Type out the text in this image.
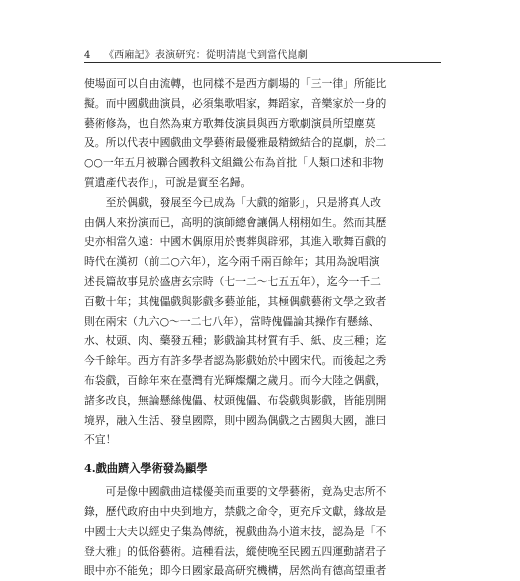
4 《西廂記》表演研究：從明清崑弋到當代崑劇
使場面可以自由流轉，也同樣不是西方劇場的「三一律」所能比
擬。而中國戲曲演員，必須集歌唱家，舞蹈家，音樂家於一身的
藝術修為，也自然為東方歌舞伎演員與西方歌劇演員所望塵莫
及。所以代表中國戲曲文學藝術最優雅最精緻結合的崑劇，於二
○○一年五月被聯合國教科文組織公布為首批「人類口述和非物
質遺產代表作」，可說是實至名歸。
　　至於偶戲，發展至今已成為「大戲的縮影」，只是將真人改
由偶人來扮演而已，高明的演師總會讓偶人栩栩如生。然而其歷
史亦相當久遠：中國木偶原用於喪葬與辟邪，其進入歌舞百戲的
時代在漢初（前二○六年），迄今兩千兩百餘年；其用為說唱演
述長篇故事見於盛唐玄宗時（七一二～七五五年），迄今一千二
百數十年；其傀儡戲與影戲多藝並能，其極偶戲藝術文學之致者
則在兩宋（九六○～一二七八年），當時傀儡論其操作有懸絲、
水、杖頭、肉、藥發五種；影戲論其材質有手、紙、皮三種；迄
今千餘年。西方有許多學者認為影戲始於中國宋代。而後起之秀
布袋戲，百餘年來在臺灣有光輝燦爛之歲月。而今大陸之偶戲，
諸多改良，無論懸絲傀儡、杖頭傀儡、布袋戲與影戲，皆能別開
境界，融入生活、發皇國際，則中國為偶戲之古國與大國，誰曰
不宜！
4.戲曲躋入學術發為顯學
　　可是像中國戲曲這樣優美而重要的文學藝術，竟為史志所不
錄，歷代政府由中央到地方，禁戲之命令，更充斥文獻，緣故是
中國士大夫以經史子集為傳統，視戲曲為小道末技，認為是「不
登大雅」的低俗藝術。這種看法，縱使晚至民國五四運動諸君子
眼中亦不能免；即今日國家最高研究機構，居然尚有德高望重者
